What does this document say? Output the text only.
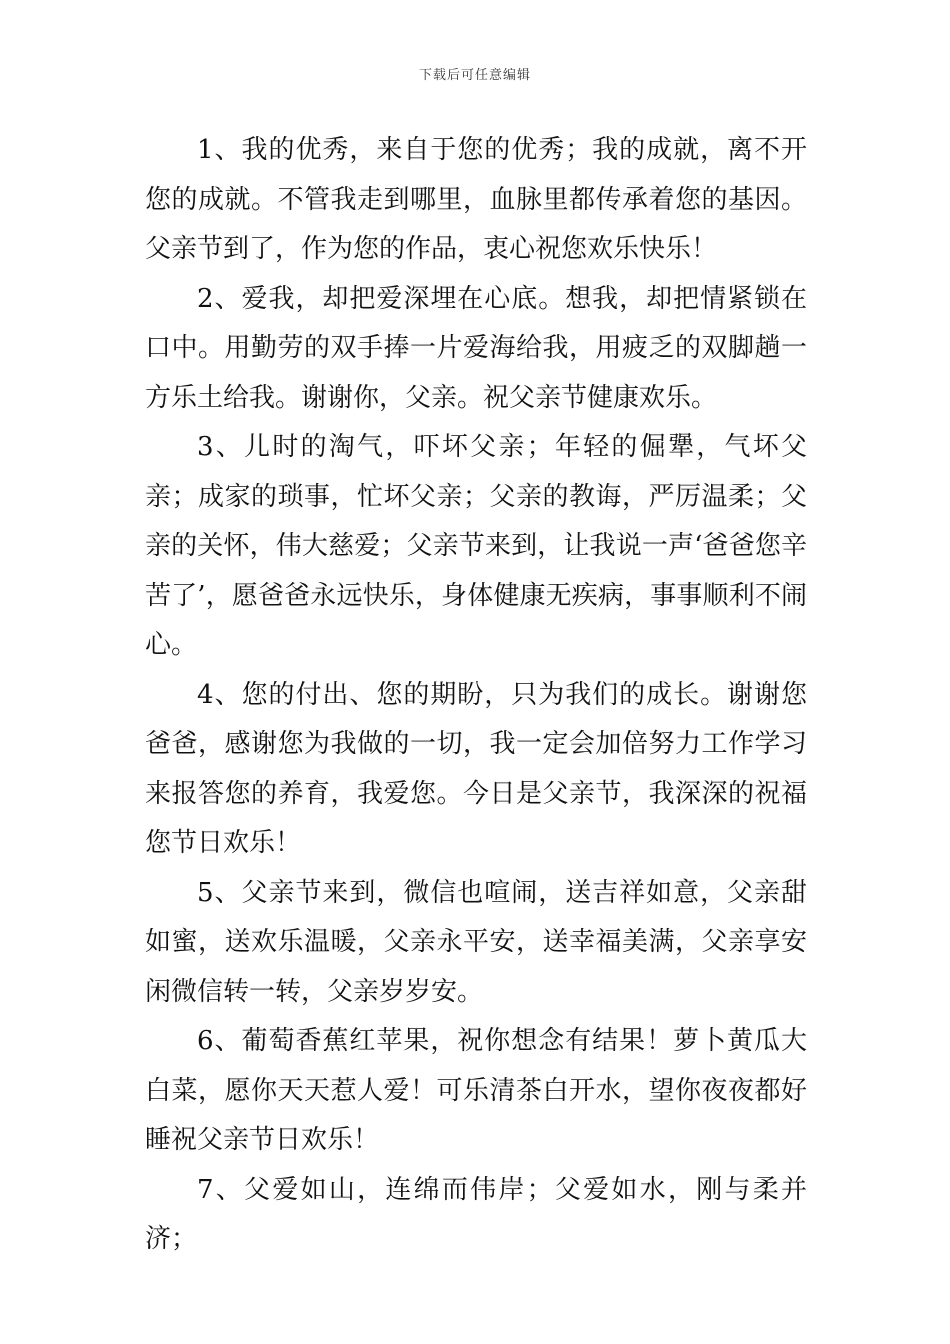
下载后可任意编辑

1、我的优秀，来自于您的优秀；我的成就，离不开您的成就。不管我走到哪里，血脉里都传承着您的基因。父亲节到了，作为您的作品，衷心祝您欢乐快乐！

2、爱我，却把爱深埋在心底。想我，却把情紧锁在口中。用勤劳的双手捧一片爱海给我，用疲乏的双脚趟一方乐土给我。谢谢你，父亲。祝父亲节健康欢乐。

3、儿时的淘气，吓坏父亲；年轻的倔犟，气坏父亲；成家的琐事，忙坏父亲；父亲的教诲，严厉温柔；父亲的关怀，伟大慈爱；父亲节来到，让我说一声‘爸爸您辛苦了’，愿爸爸永远快乐，身体健康无疾病，事事顺利不闹心。

4、您的付出、您的期盼，只为我们的成长。谢谢您爸爸，感谢您为我做的一切，我一定会加倍努力工作学习来报答您的养育，我爱您。今日是父亲节，我深深的祝福您节日欢乐！

5、父亲节来到，微信也喧闹，送吉祥如意，父亲甜如蜜，送欢乐温暖，父亲永平安，送幸福美满，父亲享安闲微信转一转，父亲岁岁安。

6、葡萄香蕉红苹果，祝你想念有结果！萝卜黄瓜大白菜，愿你天天惹人爱！可乐清茶白开水，望你夜夜都好睡祝父亲节日欢乐！

7、父爱如山，连绵而伟岸；父爱如水，刚与柔并济；
